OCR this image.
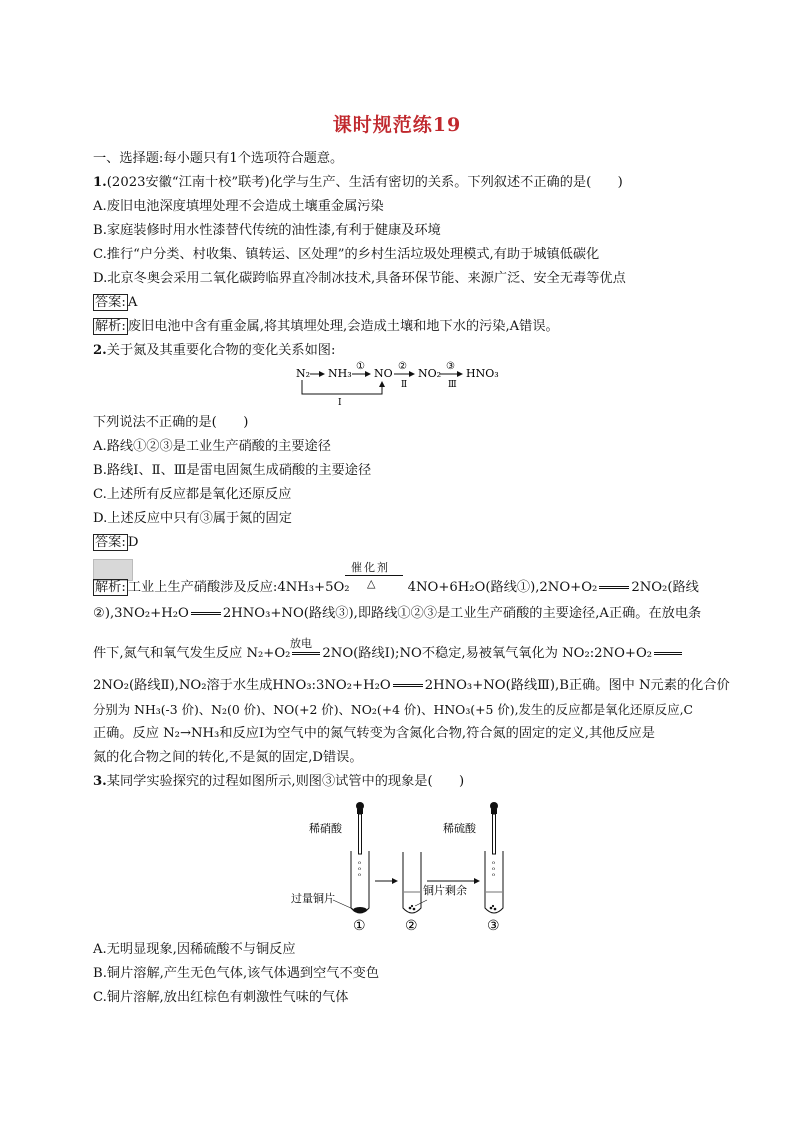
课时规范练19
一、选择题:每小题只有1个选项符合题意。
1.(2023安徽“江南十校”联考)化学与生产、生活有密切的关系。下列叙述不正确的是(　　)
A.废旧电池深度填埋处理不会造成土壤重金属污染
B.家庭装修时用水性漆替代传统的油性漆,有利于健康及环境
C.推行“户分类、村收集、镇转运、区处理”的乡村生活垃圾处理模式,有助于城镇低碳化
D.北京冬奥会采用二氧化碳跨临界直冷制冰技术,具备环保节能、来源广泛、安全无毒等优点
答案: A
解析: 废旧电池中含有重金属,将其填埋处理,会造成土壤和地下水的污染,A错误。
2.关于氮及其重要化合物的变化关系如图:
N₂ NH₃
①
NO
②
Ⅱ
NO₂
③
Ⅲ
HNO₃
I
下列说法不正确的是(　　)
A.路线①②③是工业生产硝酸的主要途径
B.路线Ⅰ、Ⅱ、Ⅲ是雷电固氮生成硝酸的主要途径
C.上述所有反应都是氧化还原反应
D.上述反应中只有③属于氮的固定
答案: D
催化剂
△
解析: 工业上生产硝酸涉及反应:4NH₃+5O₂	4NO+6H₂O(路线①),2NO+O₂	2NO₂(路线
②),3NO₂+H₂O	2HNO₃+NO(路线③),即路线①②③是工业生产硝酸的主要途径,A正确。在放电条
放电
件下,氮气和氧气发生反应 N₂+O₂ 2NO(路线Ⅰ);NO不稳定,易被氧气氧化为 NO₂:2NO+O₂
2NO₂(路线Ⅱ),NO₂溶于水生成HNO₃:3NO₂+H₂O	2HNO₃+NO(路线Ⅲ),B正确。图中 N元素的化合价
分别为 NH₃(-3 价)、N₂(0 价)、NO(+2 价)、NO₂(+4 价)、HNO₃(+5 价),发生的反应都是氧化还原反应,C
正确。反应 N₂→NH₃和反应Ⅰ为空气中的氮气转变为含氮化合物,符合氮的固定的定义,其他反应是
氮的化合物之间的转化,不是氮的固定,D错误。
3.某同学实验探究的过程如图所示,则图③试管中的现象是(　　)
o
o
o
o
o
o
稀硝酸	稀硫酸
过量铜片
铜片剩余
①	②	③
A.无明显现象,因稀硫酸不与铜反应
B.铜片溶解,产生无色气体,该气体遇到空气不变色
C.铜片溶解,放出红棕色有刺激性气味的气体
